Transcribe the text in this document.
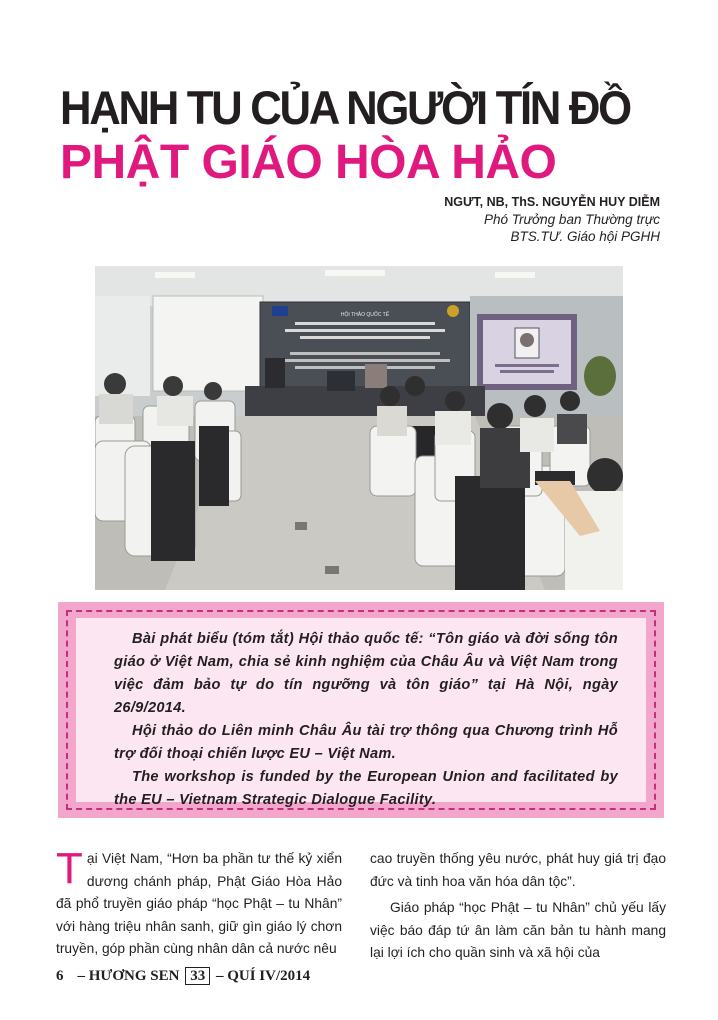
HẠNH TU CỦA NGƯỜI TÍN ĐỒ
PHẬT GIÁO HÒA HẢO
NGƯT, NB, ThS. NGUYỄN HUY DIỄM
Phó Trưởng ban Thường trực
BTS.TƯ. Giáo hội PGHH
HỘI THẢO QUỐC TẾ

Bài phát biểu (tóm tắt) Hội thảo quốc tế: “Tôn giáo và đời sống tôn giáo ở Việt Nam, chia sẻ kinh nghiệm của Châu Âu và Việt Nam trong việc đảm bảo tự do tín ngưỡng và tôn giáo” tại Hà Nội, ngày 26/9/2014.

Hội thảo do Liên minh Châu Âu tài trợ thông qua Chương trình Hỗ trợ đối thoại chiến lược EU – Việt Nam.

The workshop is funded by the European Union and facilitated by the EU – Vietnam Strategic Dialogue Facility.

Tại Việt Nam, “Hơn ba phần tư thế kỷ xiển dương chánh pháp, Phật Giáo Hòa Hảo đã phổ truyền giáo pháp “học Phật – tu Nhân” với hàng triệu nhân sanh, giữ gìn giáo lý chơn truyền, góp phần cùng nhân dân cả nước nêu

cao truyền thống yêu nước, phát huy giá trị đạo đức và tinh hoa văn hóa dân tộc”.

Giáo pháp “học Phật – tu Nhân” chủ yếu lấy việc báo đáp tứ ân làm căn bản tu hành mang lại lợi ích cho quần sinh và xã hội của

6 – HƯƠNG SEN 33 – QUÍ IV/2014
